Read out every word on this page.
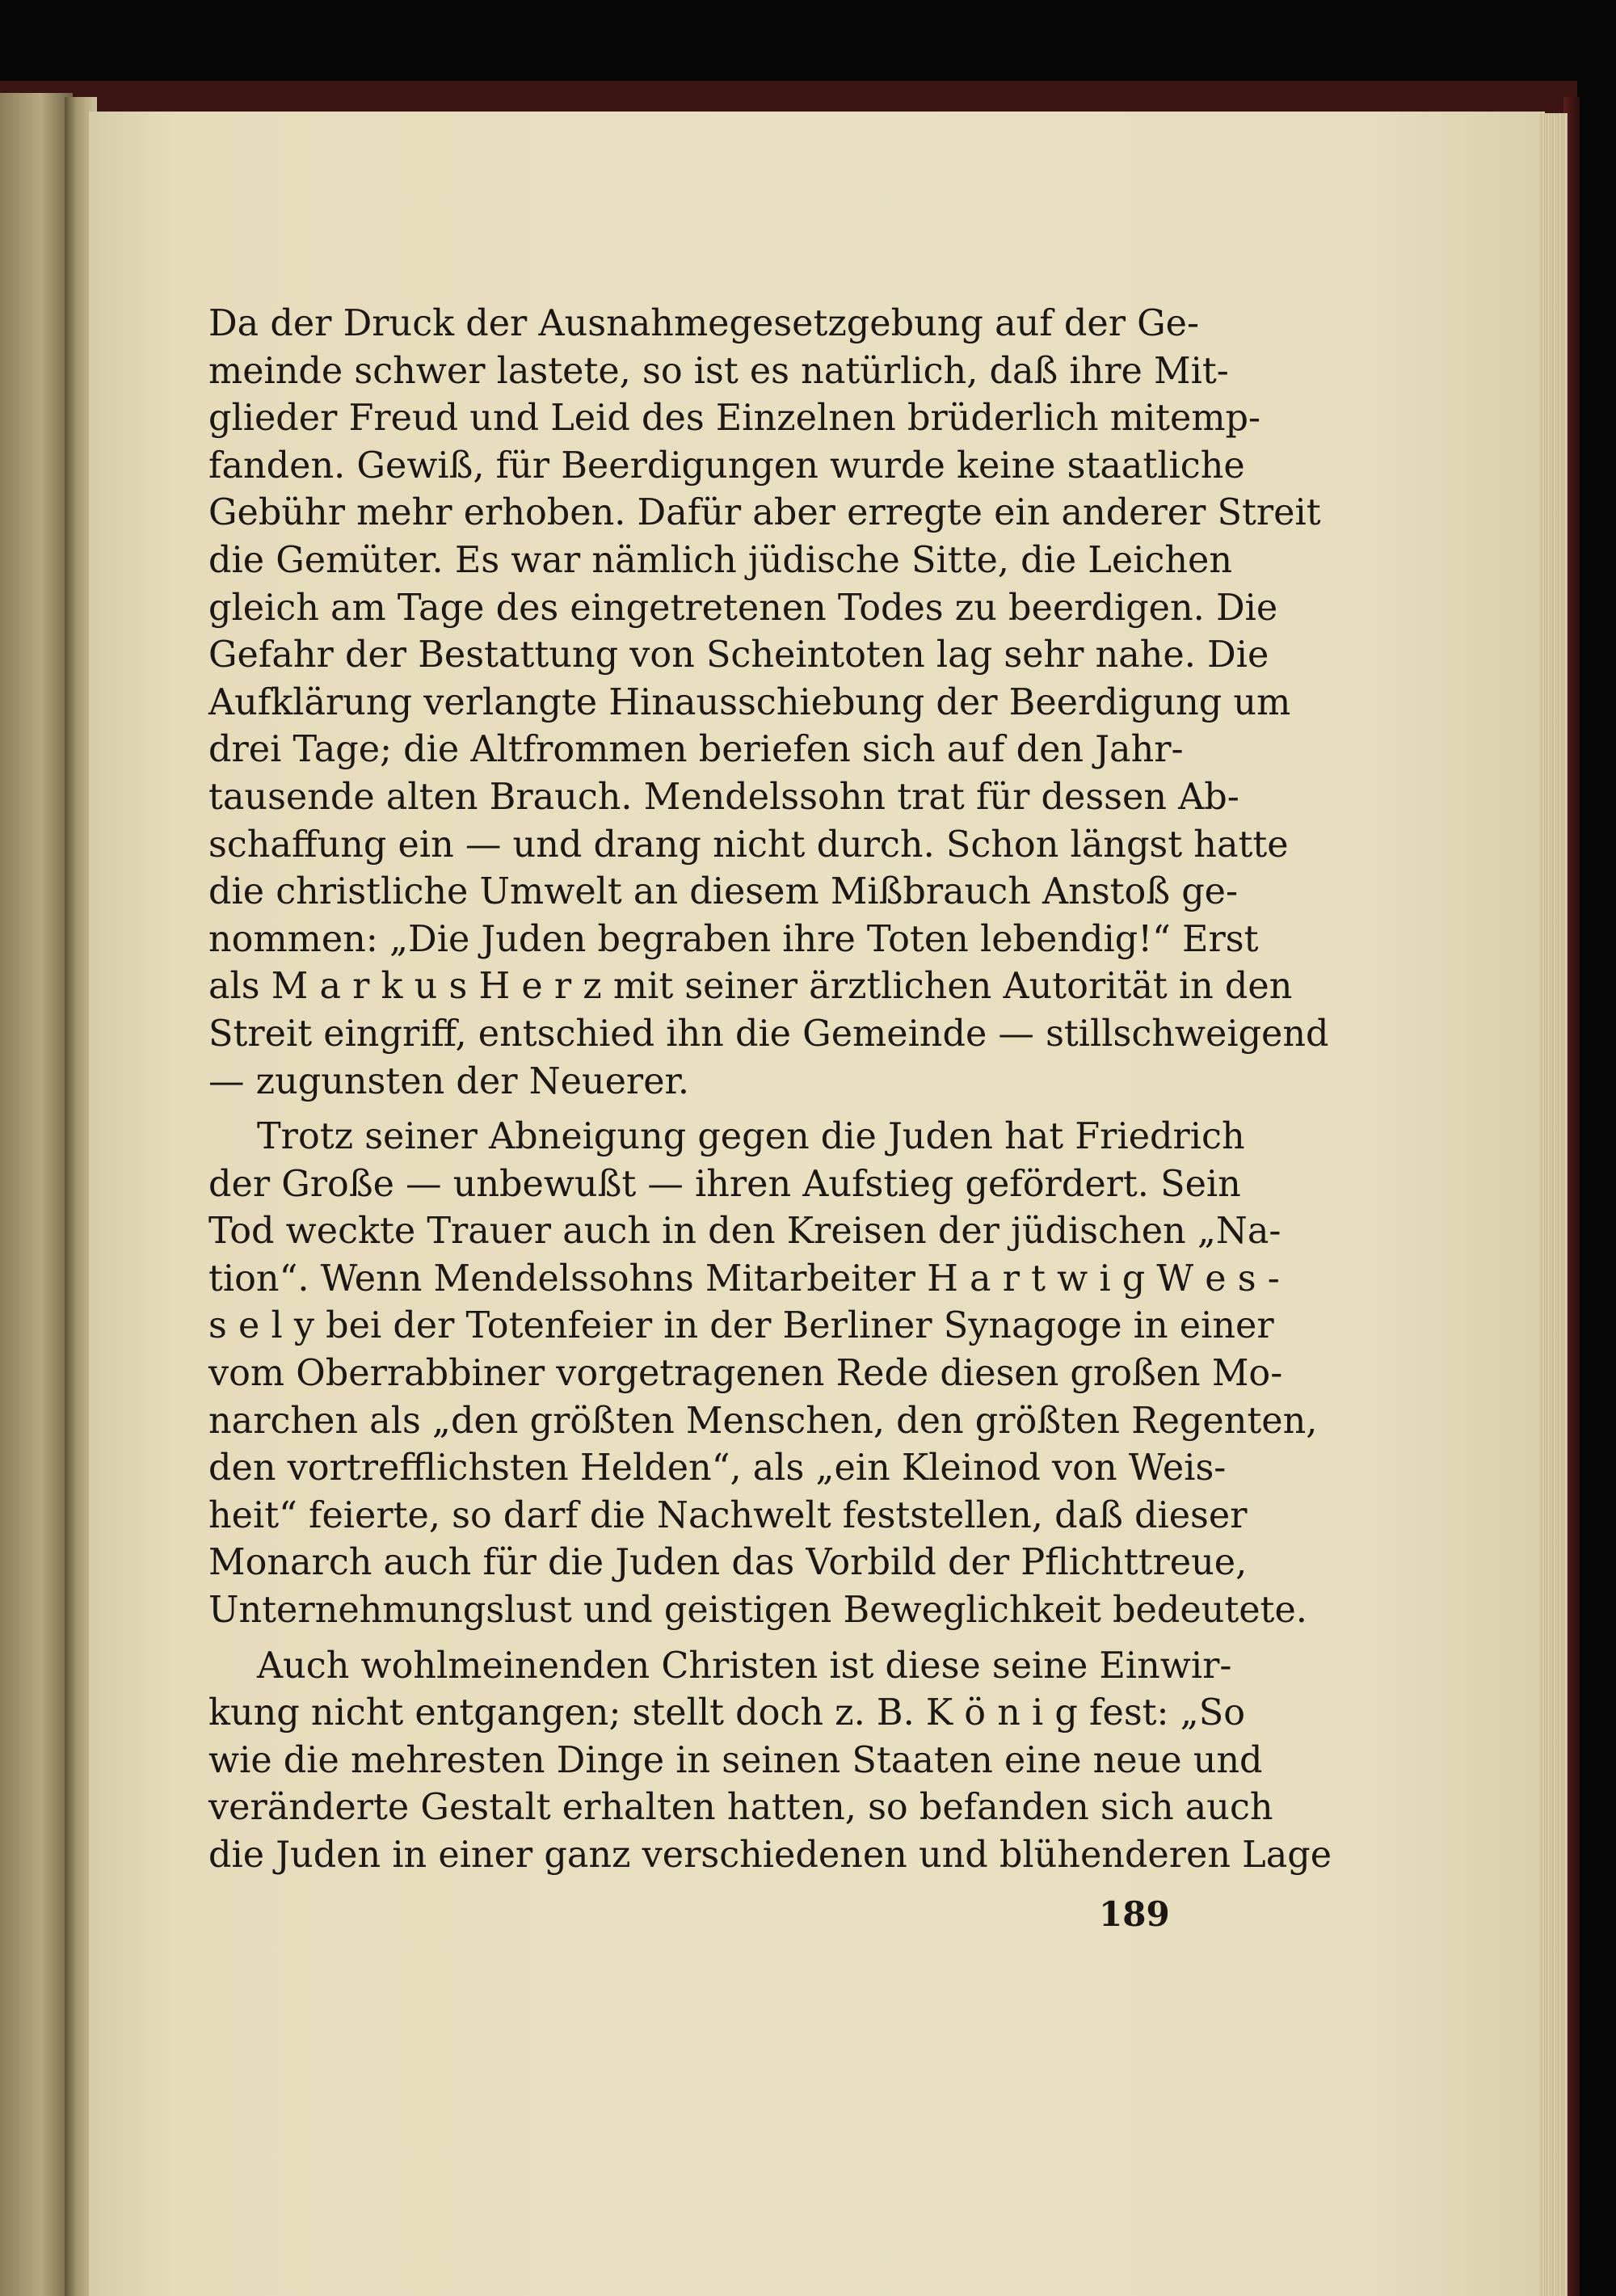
Da der Druck der Ausnahmegesetzgebung auf der Ge-
meinde schwer lastete, so ist es natürlich, daß ihre Mit-
glieder Freud und Leid des Einzelnen brüderlich mitemp-
fanden. Gewiß, für Beerdigungen wurde keine staatliche
Gebühr mehr erhoben. Dafür aber erregte ein anderer Streit
die Gemüter. Es war nämlich jüdische Sitte, die Leichen
gleich am Tage des eingetretenen Todes zu beerdigen. Die
Gefahr der Bestattung von Scheintoten lag sehr nahe. Die
Aufklärung verlangte Hinausschiebung der Beerdigung um
drei Tage; die Altfrommen beriefen sich auf den Jahr-
tausende alten Brauch. Mendelssohn trat für dessen Ab-
schaffung ein — und drang nicht durch. Schon längst hatte
die christliche Umwelt an diesem Mißbrauch Anstoß ge-
nommen: „Die Juden begraben ihre Toten lebendig!“ Erst
als M a r k u s H e r z mit seiner ärztlichen Autorität in den
Streit eingriff, entschied ihn die Gemeinde — stillschweigend
— zugunsten der Neuerer.
Trotz seiner Abneigung gegen die Juden hat Friedrich
der Große — unbewußt — ihren Aufstieg gefördert. Sein
Tod weckte Trauer auch in den Kreisen der jüdischen „Na-
tion“. Wenn Mendelssohns Mitarbeiter H a r t w i g W e s -
s e l y bei der Totenfeier in der Berliner Synagoge in einer
vom Oberrabbiner vorgetragenen Rede diesen großen Mo-
narchen als „den größten Menschen, den größten Regenten,
den vortrefflichsten Helden“, als „ein Kleinod von Weis-
heit“ feierte, so darf die Nachwelt feststellen, daß dieser
Monarch auch für die Juden das Vorbild der Pflichttreue,
Unternehmungslust und geistigen Beweglichkeit bedeutete.
Auch wohlmeinenden Christen ist diese seine Einwir-
kung nicht entgangen; stellt doch z. B. K ö n i g fest: „So
wie die mehresten Dinge in seinen Staaten eine neue und
veränderte Gestalt erhalten hatten, so befanden sich auch
die Juden in einer ganz verschiedenen und blühenderen Lage
189
